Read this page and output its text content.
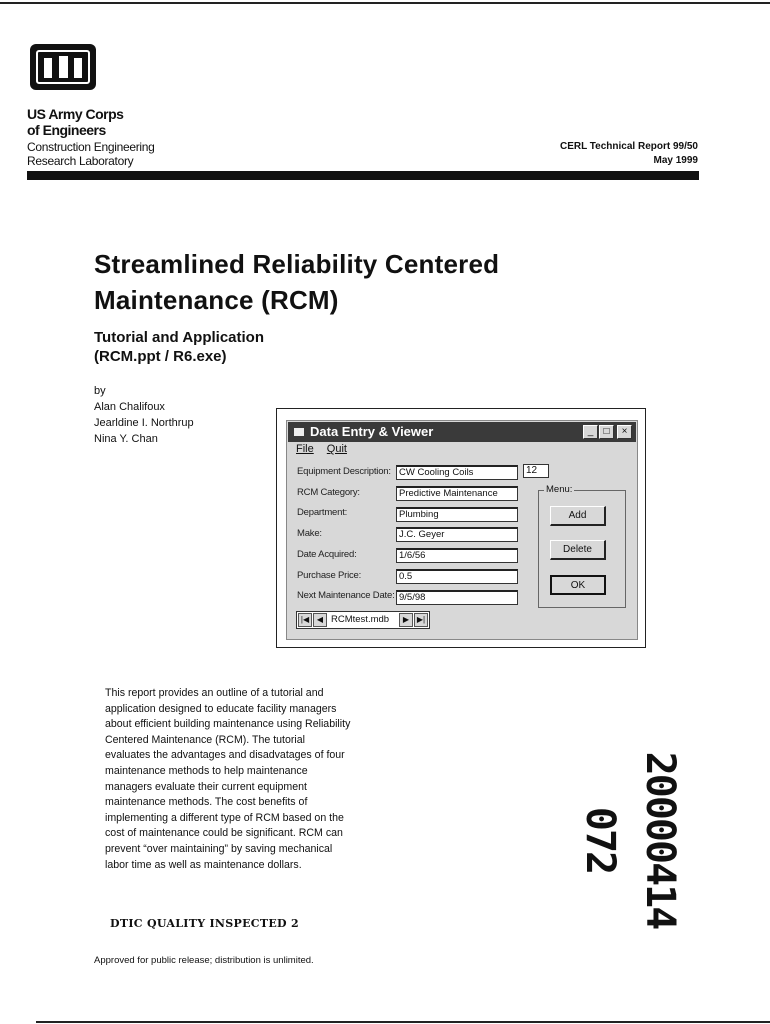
US Army Corps
of Engineers
Construction Engineering
Research Laboratory
CERL Technical Report 99/50
May 1999
Streamlined Reliability Centered
Maintenance (RCM)
Tutorial and Application
(RCM.ppt / R6.exe)
by
Alan Chalifoux
Jearldine I. Northrup
Nina Y. Chan	Data Entry & Viewer	_	□	×
File Quit
Equipment Description: CW Cooling Coils
RCM Category:	Predictive Maintenance
Department:	Plumbing
Make:	J.C. Geyer
Date Acquired:	1/6/56
Purchase Price:	0.5
Next Maintenance Date: 9/5/98
12
Menu:
Add
Delete
OK
|◀ ◀ RCMtest.mdb	▶ ▶|
This report provides an outline of a tutorial and application designed to educate facility managers about efficient building maintenance using Reliability Centered Maintenance (RCM). The tutorial evaluates the advantages and disadvatages of four maintenance methods to help maintenance managers evaluate their current equipment maintenance methods. The cost benefits of implementing a different type of RCM based on the cost of maintenance could be significant. RCM can prevent “over maintaining” by saving mechanical labor time as well as maintenance dollars.	20000414 072
DTIC QUALITY INSPECTED 2
Approved for public release; distribution is unlimited.
